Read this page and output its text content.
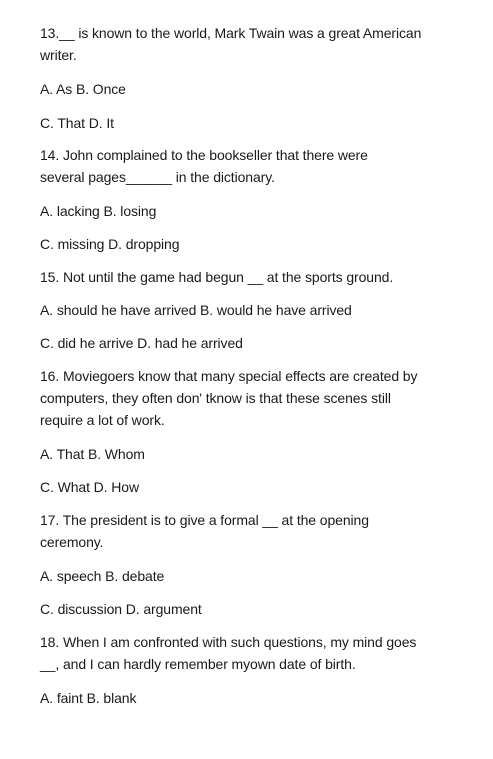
13.__ is known to the world, Mark Twain was a great American
writer.
A. As B. Once
C. That D. It
14. John complained to the bookseller that there were
several pages______ in the dictionary.
A. lacking B. losing
C. missing D. dropping
15. Not until the game had begun __ at the sports ground.
A. should he have arrived B. would he have arrived
C. did he arrive D. had he arrived
16. Moviegoers know that many special effects are created by
computers, they often don' tknow is that these scenes still
require a lot of work.
A. That B. Whom
C. What D. How
17. The president is to give a formal __ at the opening
ceremony.
A. speech B. debate
C. discussion D. argument
18. When I am confronted with such questions, my mind goes
__, and I can hardly remember myown date of birth.
A. faint B. blank
